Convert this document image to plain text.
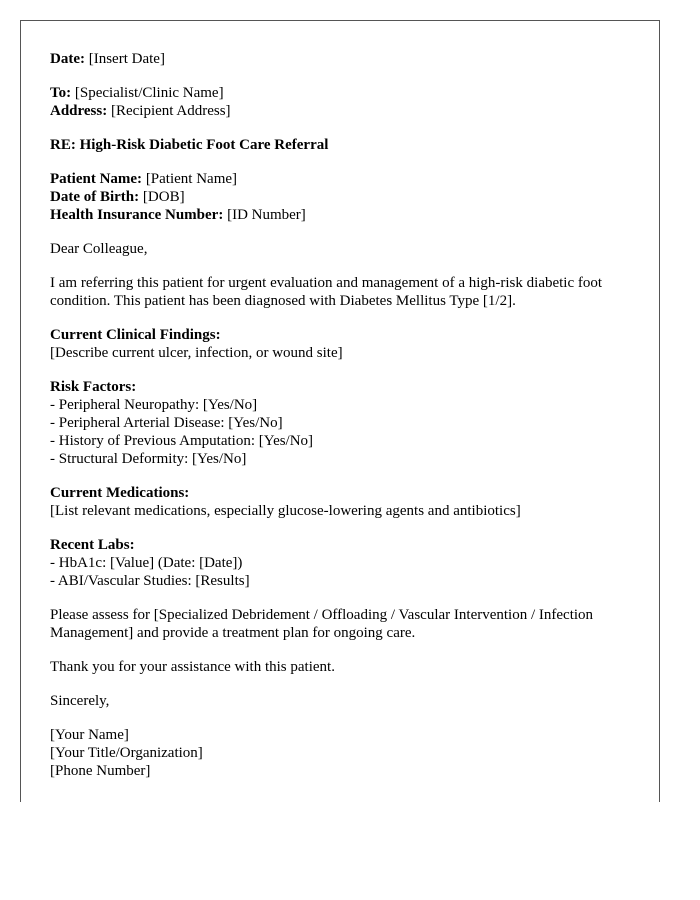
Date: [Insert Date]
To: [Specialist/Clinic Name]
Address: [Recipient Address]
RE: High-Risk Diabetic Foot Care Referral
Patient Name: [Patient Name]
Date of Birth: [DOB]
Health Insurance Number: [ID Number]
Dear Colleague,
I am referring this patient for urgent evaluation and management of a high-risk diabetic foot condition. This patient has been diagnosed with Diabetes Mellitus Type [1/2].
Current Clinical Findings:
[Describe current ulcer, infection, or wound site]
Risk Factors:
- Peripheral Neuropathy: [Yes/No]
- Peripheral Arterial Disease: [Yes/No]
- History of Previous Amputation: [Yes/No]
- Structural Deformity: [Yes/No]
Current Medications:
[List relevant medications, especially glucose-lowering agents and antibiotics]
Recent Labs:
- HbA1c: [Value] (Date: [Date])
- ABI/Vascular Studies: [Results]
Please assess for [Specialized Debridement / Offloading / Vascular Intervention / Infection Management] and provide a treatment plan for ongoing care.
Thank you for your assistance with this patient.
Sincerely,
[Your Name]
[Your Title/Organization]
[Phone Number]
